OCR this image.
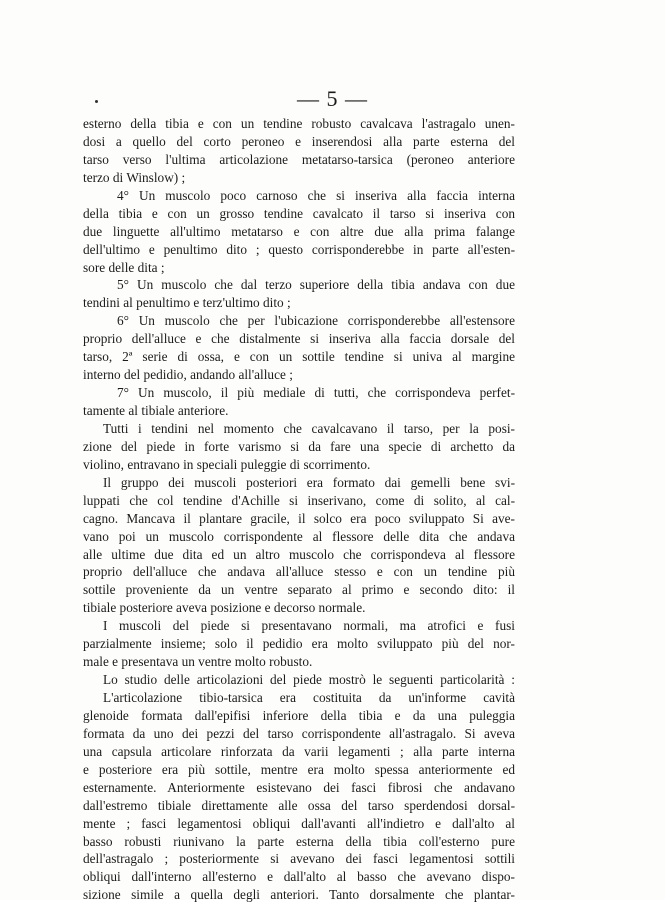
— 5 —
esterno della tibia e con un tendine robusto cavalcava l'astragalo unen-
dosi a quello del corto peroneo e inserendosi alla parte esterna del
tarso verso l'ultima articolazione metatarso-tarsica (peroneo anteriore
terzo di Winslow) ;
4° Un muscolo poco carnoso che si inseriva alla faccia interna
della tibia e con un grosso tendine cavalcato il tarso si inseriva con
due linguette all'ultimo metatarso e con altre due alla prima falange
dell'ultimo e penultimo dito ; questo corrisponderebbe in parte all'esten-
sore delle dita ;
5° Un muscolo che dal terzo superiore della tibia andava con due
tendini al penultimo e terz'ultimo dito ;
6° Un muscolo che per l'ubicazione corrisponderebbe all'estensore
proprio dell'alluce e che distalmente si inseriva alla faccia dorsale del
tarso, 2ª serie di ossa, e con un sottile tendine si univa al margine
interno del pedidio, andando all'alluce ;
7° Un muscolo, il più mediale di tutti, che corrispondeva perfet-
tamente al tibiale anteriore.
Tutti i tendini nel momento che cavalcavano il tarso, per la posi-
zione del piede in forte varismo si da fare una specie di archetto da
violino, entravano in speciali puleggie di scorrimento.
Il gruppo dei muscoli posteriori era formato dai gemelli bene svi-
luppati che col tendine d'Achille si inserivano, come di solito, al cal-
cagno. Mancava il plantare gracile, il solco era poco sviluppato Si ave-
vano poi un muscolo corrispondente al flessore delle dita che andava
alle ultime due dita ed un altro muscolo che corrispondeva al flessore
proprio dell'alluce che andava all'alluce stesso e con un tendine più
sottile proveniente da un ventre separato al primo e secondo dito: il
tibiale posteriore aveva posizione e decorso normale.
I muscoli del piede si presentavano normali, ma atrofici e fusi
parzialmente insieme; solo il pedidio era molto sviluppato più del nor-
male e presentava un ventre molto robusto.
Lo studio delle articolazioni del piede mostrò le seguenti particolarità :
L'articolazione tibio-tarsica era costituita da un'informe cavità
glenoide formata dall'epifisi inferiore della tibia e da una puleggia
formata da uno dei pezzi del tarso corrispondente all'astragalo. Si aveva
una capsula articolare rinforzata da varii legamenti ; alla parte interna
e posteriore era più sottile, mentre era molto spessa anteriormente ed
esternamente. Anteriormente esistevano dei fasci fibrosi che andavano
dall'estremo tibiale direttamente alle ossa del tarso sperdendosi dorsal-
mente ; fasci legamentosi obliqui dall'avanti all'indietro e dall'alto al
basso robusti riunivano la parte esterna della tibia coll'esterno pure
dell'astragalo ; posteriormente si avevano dei fasci legamentosi sottili
obliqui dall'interno all'esterno e dall'alto al basso che avevano dispo-
sizione simile a quella degli anteriori. Tanto dorsalmente che plantar-
